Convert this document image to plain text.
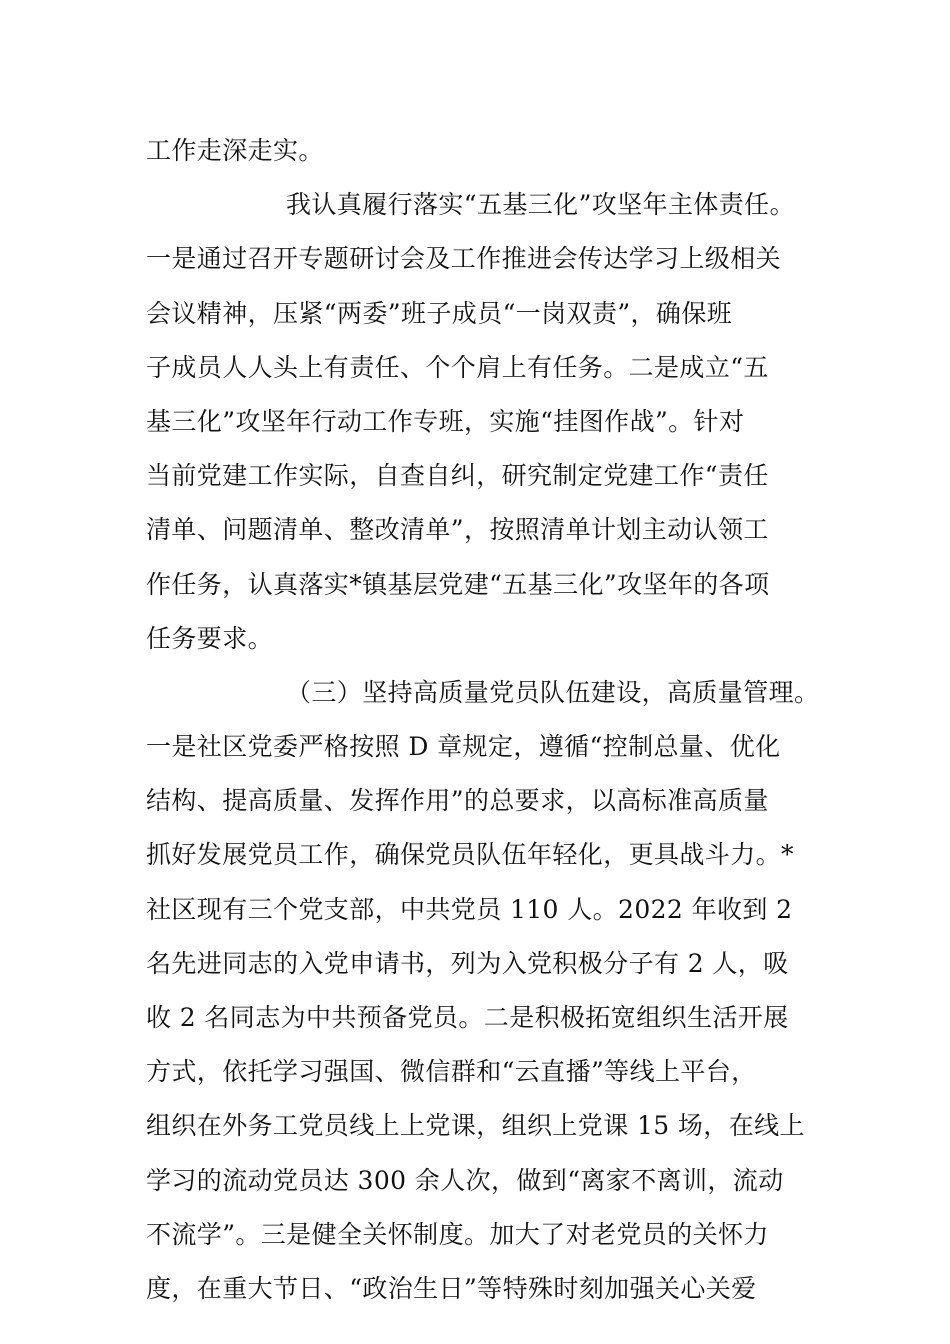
工作走深走实。
我认真履行落实“五基三化”攻坚年主体责任。
一是通过召开专题研讨会及工作推进会传达学习上级相关
会议精神，压紧“两委”班子成员“一岗双责”，确保班
子成员人人头上有责任、个个肩上有任务。二是成立“五
基三化”攻坚年行动工作专班，实施“挂图作战”。针对
当前党建工作实际，自查自纠，研究制定党建工作“责任
清单、问题清单、整改清单”，按照清单计划主动认领工
作任务，认真落实*镇基层党建“五基三化”攻坚年的各项
任务要求。
（三）坚持高质量党员队伍建设，高质量管理。
一是社区党委严格按照 D 章规定，遵循“控制总量、优化
结构、提高质量、发挥作用”的总要求，以高标准高质量
抓好发展党员工作，确保党员队伍年轻化，更具战斗力。*
社区现有三个党支部，中共党员 110 人。2022 年收到 2
名先进同志的入党申请书，列为入党积极分子有 2 人，吸
收 2 名同志为中共预备党员。二是积极拓宽组织生活开展
方式，依托学习强国、微信群和“云直播”等线上平台，
组织在外务工党员线上上党课，组织上党课 15 场，在线上
学习的流动党员达 300 余人次，做到“离家不离训，流动
不流学”。三是健全关怀制度。加大了对老党员的关怀力
度，在重大节日、“政治生日”等特殊时刻加强关心关爱
